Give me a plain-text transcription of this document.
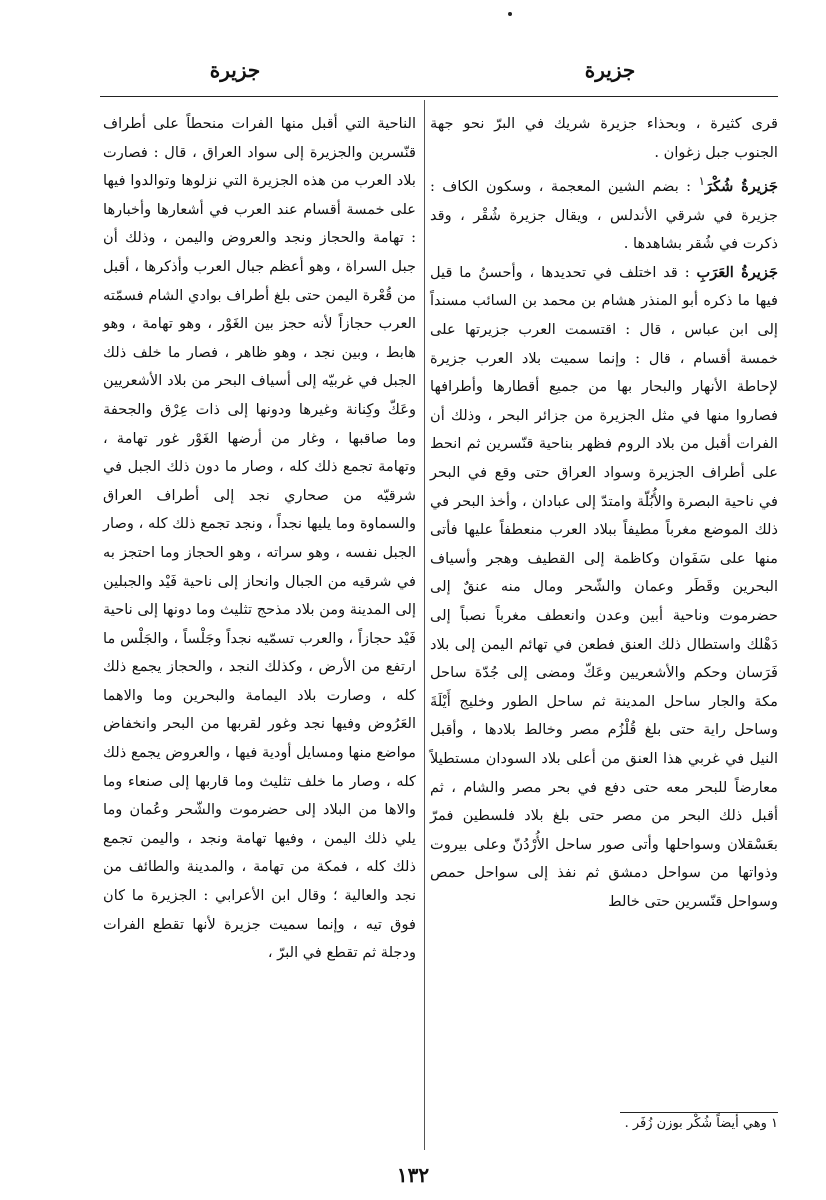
جزيرة
جزيرة

قرى كثيرة ، وبحذاء جزيرة شريك في البرّ نحو جهة الجنوب جبل زغوان .

جَزيرةُ شُكْرَ$^١$ : بضم الشين المعجمة ، وسكون الكاف : جزيرة في شرقي الأندلس ، ويقال جزيرة شُقْر ، وقد ذكرت في شُقر بشاهدها .

جَزيرةُ العَرَبِ : قد اختلف في تحديدها ، وأحسنُ ما قيل فيها ما ذكره أبو المنذر هشام بن محمد بن السائب مسنداً إلى ابن عباس ، قال : اقتسمت العرب جزيرتها على خمسة أقسام ، قال : وإنما سميت بلاد العرب جزيرة لإحاطة الأنهار والبحار بها من جميع أقطارها وأطرافها فصاروا منها في مثل الجزيرة من جزائر البحر ، وذلك أن الفرات أقبل من بلاد الروم فظهر بناحية قنّسرين ثم انحط على أطراف الجزيرة وسواد العراق حتى وقع في البحر في ناحية البصرة والأُبُلّة وامتدّ إلى عبادان ، وأخذ البحر في ذلك الموضع مغرباً مطيفاً ببلاد العرب منعطفاً عليها فأتى منها على سَفَوان وكاظمة إلى القطيف وهجر وأسياف البحرين وقَطَر وعمان والشّحر ومال منه عنقٌ إلى حضرموت وناحية أبين وعدن وانعطف مغرباً نصباً إلى دَهْلك واستطال ذلك العنق فطعن في تهائم اليمن إلى بلاد فَرَسان وحكم والأشعريين وعَكّ ومضى إلى جُدّة ساحل مكة والجار ساحل المدينة ثم ساحل الطور وخليج أَيْلَةَ وساحل راية حتى بلغ قُلْزُم مصر وخالط بلادها ، وأقبل النيل في غربي هذا العنق من أعلى بلاد السودان مستطيلاً معارضاً للبحر معه حتى دفع في بحر مصر والشام ، ثم أقبل ذلك البحر من مصر حتى بلغ بلاد فلسطين فمرّ بعَسْقلان وسواحلها وأتى صور ساحل الأُرْدُنّ وعلى بيروت وذواتها من سواحل دمشق ثم نفذ إلى سواحل حمص وسواحل قنّسرين حتى خالط

الناحية التي أقبل منها الفرات منحطاً على أطراف قنّسرين والجزيرة إلى سواد العراق ، قال : فصارت بلاد العرب من هذه الجزيرة التي نزلوها وتوالدوا فيها على خمسة أقسام عند العرب في أشعارها وأخبارها : تهامة والحجاز ونجد والعروض واليمن ، وذلك أن جبل السراة ، وهو أعظم جبال العرب وأذكرها ، أقبل من قُعْرة اليمن حتى بلغ أطراف بوادي الشام فسمّته العرب حجازاً لأنه حجز بين الغَوْر ، وهو تهامة ، وهو هابط ، وبين نجد ، وهو ظاهر ، فصار ما خلف ذلك الجبل في غربيّه إلى أسياف البحر من بلاد الأشعريين وعَكّ وكِنانة وغيرها ودونها إلى ذات عِرْق والجحفة وما صاقبها ، وغار من أرضها الغَوْر غور تهامة ، وتهامة تجمع ذلك كله ، وصار ما دون ذلك الجبل في شرقيّه من صحاري نجد إلى أطراف العراق والسماوة وما يليها نجداً ، ونجد تجمع ذلك كله ، وصار الجبل نفسه ، وهو سراته ، وهو الحجاز وما احتجز به في شرقيه من الجبال وانحاز إلى ناحية فَيْد والجبلين إلى المدينة ومن بلاد مذحج تثليث وما دونها إلى ناحية فَيْد حجازاً ، والعرب تسمّيه نجداً وجَلْساً ، والجَلْس ما ارتفع من الأرض ، وكذلك النجد ، والحجاز يجمع ذلك كله ، وصارت بلاد اليمامة والبحرين وما والاهما العَرُوض وفيها نجد وغور لقربها من البحر وانخفاض مواضع منها ومسايل أودية فيها ، والعروض يجمع ذلك كله ، وصار ما خلف تثليث وما قاربها إلى صنعاء وما والاها من البلاد إلى حضرموت والشّحر وعُمان وما يلي ذلك اليمن ، وفيها تهامة ونجد ، واليمن تجمع ذلك كله ، فمكة من تهامة ، والمدينة والطائف من نجد والعالية ؛ وقال ابن الأعرابي : الجزيرة ما كان فوق تيه ، وإنما سميت جزيرة لأنها تقطع الفرات ودجلة ثم تقطع في البرّ ،

١ وهي أيضاً شُكْر بوزن زُفَر .
١٣٢
